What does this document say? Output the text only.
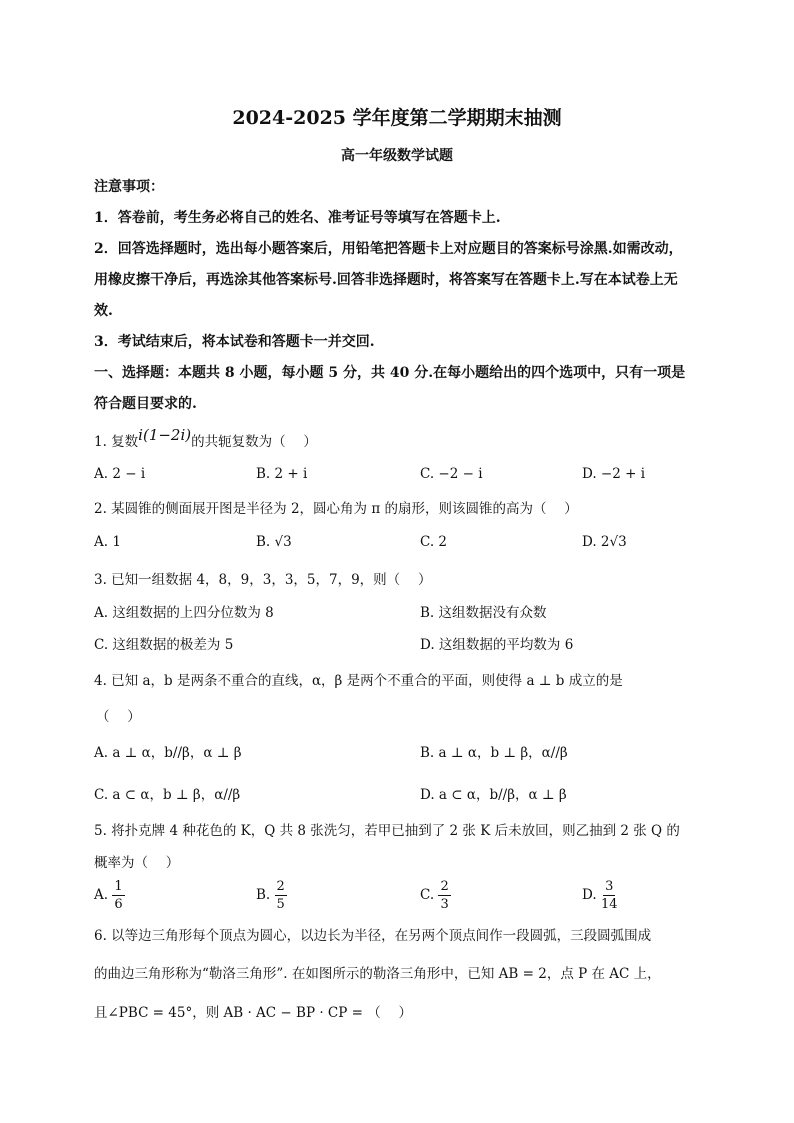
2024-2025 学年度第二学期期末抽测
高一年级数学试题
注意事项：
1．答卷前，考生务必将自己的姓名、准考证号等填写在答题卡上.
2．回答选择题时，选出每小题答案后，用铅笔把答题卡上对应题目的答案标号涂黑.如需改动，
用橡皮擦干净后，再选涂其他答案标号.回答非选择题时，将答案写在答题卡上.写在本试卷上无
效.
3．考试结束后，将本试卷和答题卡一并交回.
一、选择题：本题共 8 小题，每小题 5 分，共 40 分.在每小题给出的四个选项中，只有一项是
符合题目要求的.
1. 复数i(1−2i)的共轭复数为（　 ）
A. 2 − i	B. 2 + i	C. −2 − i	D. −2 + i
2. 某圆锥的侧面展开图是半径为 2，圆心角为 π 的扇形，则该圆锥的高为（　 ）
A. 1	B. √3	C. 2	D. 2√3
3. 已知一组数据 4，8，9，3，3，5，7，9，则（　 ）
A. 这组数据的上四分位数为 8	B. 这组数据没有众数
C. 这组数据的极差为 5	D. 这组数据的平均数为 6
4. 已知 a，b 是两条不重合的直线，α，β 是两个不重合的平面，则使得 a ⊥ b 成立的是
（　 ）
A. a ⊥ α，b//β，α ⊥ β	B. a ⊥ α，b ⊥ β，α//β
C. a ⊂ α，b ⊥ β，α//β	D. a ⊂ α，b//β，α ⊥ β
5. 将扑克牌 4 种花色的 K，Q 共 8 张洗匀，若甲已抽到了 2 张 K 后未放回，则乙抽到 2 张 Q 的
概率为（　 ）
A. $\frac{1}{6}$	B. $\frac{2}{5}$	C. $\frac{2}{3}$	D. $\frac{3}{14}$
6. 以等边三角形每个顶点为圆心，以边长为半径，在另两个顶点间作一段圆弧，三段圆弧围成
的曲边三角形称为“勒洛三角形”. 在如图所示的勒洛三角形中，已知 AB = 2，点 P 在 AC 上，
且∠PBC = 45°，则 AB · AC − BP · CP = （　 ）
